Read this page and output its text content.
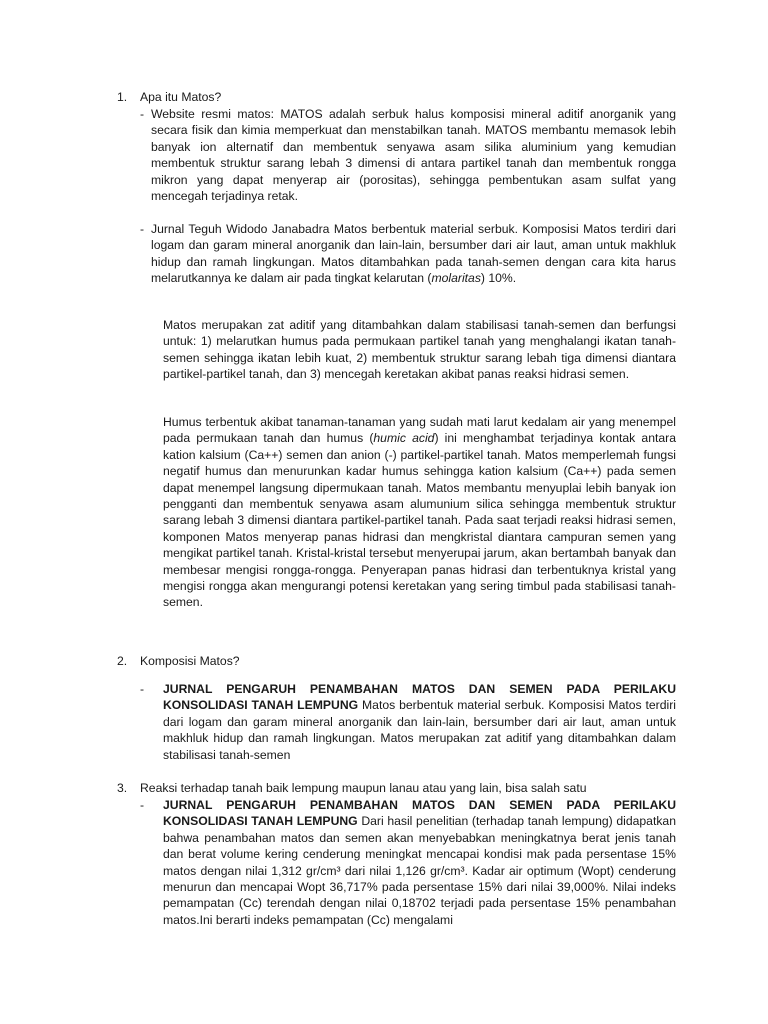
1. Apa itu Matos?
- Website resmi matos: MATOS adalah serbuk halus komposisi mineral aditif anorganik yang secara fisik dan kimia memperkuat dan menstabilkan tanah. MATOS membantu memasok lebih banyak ion alternatif dan membentuk senyawa asam silika aluminium yang kemudian membentuk struktur sarang lebah 3 dimensi di antara partikel tanah dan membentuk rongga mikron yang dapat menyerap air (porositas), sehingga pembentukan asam sulfat yang mencegah terjadinya retak.

- Jurnal Teguh Widodo Janabadra Matos berbentuk material serbuk. Komposisi Matos terdiri dari logam dan garam mineral anorganik dan lain-lain, bersumber dari air laut, aman untuk makhluk hidup dan ramah lingkungan. Matos ditambahkan pada tanah-semen dengan cara kita harus melarutkannya ke dalam air pada tingkat kelarutan (molaritas) 10%.

Matos merupakan zat aditif yang ditambahkan dalam stabilisasi tanah-semen dan berfungsi untuk: 1) melarutkan humus pada permukaan partikel tanah yang menghalangi ikatan tanah-semen sehingga ikatan lebih kuat, 2) membentuk struktur sarang lebah tiga dimensi diantara partikel-partikel tanah, dan 3) mencegah keretakan akibat panas reaksi hidrasi semen.

Humus terbentuk akibat tanaman-tanaman yang sudah mati larut kedalam air yang menempel pada permukaan tanah dan humus (humic acid) ini menghambat terjadinya kontak antara kation kalsium (Ca++) semen dan anion (-) partikel-partikel tanah. Matos memperlemah fungsi negatif humus dan menurunkan kadar humus sehingga kation kalsium (Ca++) pada semen dapat menempel langsung dipermukaan tanah. Matos membantu menyuplai lebih banyak ion pengganti dan membentuk senyawa asam alumunium silica sehingga membentuk struktur sarang lebah 3 dimensi diantara partikel-partikel tanah. Pada saat terjadi reaksi hidrasi semen, komponen Matos menyerap panas hidrasi dan mengkristal diantara campuran semen yang mengikat partikel tanah. Kristal-kristal tersebut menyerupai jarum, akan bertambah banyak dan membesar mengisi rongga-rongga. Penyerapan panas hidrasi dan terbentuknya kristal yang mengisi rongga akan mengurangi potensi keretakan yang sering timbul pada stabilisasi tanah-semen.

2. Komposisi Matos?
- JURNAL PENGARUH PENAMBAHAN MATOS DAN SEMEN PADA PERILAKU KONSOLIDASI TANAH LEMPUNG Matos berbentuk material serbuk. Komposisi Matos terdiri dari logam dan garam mineral anorganik dan lain-lain, bersumber dari air laut, aman untuk makhluk hidup dan ramah lingkungan. Matos merupakan zat aditif yang ditambahkan dalam stabilisasi tanah-semen

3. Reaksi terhadap tanah baik lempung maupun lanau atau yang lain, bisa salah satu
- JURNAL PENGARUH PENAMBAHAN MATOS DAN SEMEN PADA PERILAKU KONSOLIDASI TANAH LEMPUNG Dari hasil penelitian (terhadap tanah lempung) didapatkan bahwa penambahan matos dan semen akan menyebabkan meningkatnya berat jenis tanah dan berat volume kering cenderung meningkat mencapai kondisi mak pada persentase 15% matos dengan nilai 1,312 gr/cm³ dari nilai 1,126 gr/cm³. Kadar air optimum (Wopt) cenderung menurun dan mencapai Wopt 36,717% pada persentase 15% dari nilai 39,000%. Nilai indeks pemampatan (Cc) terendah dengan nilai 0,18702 terjadi pada persentase 15% penambahan matos.Ini berarti indeks pemampatan (Cc) mengalami
